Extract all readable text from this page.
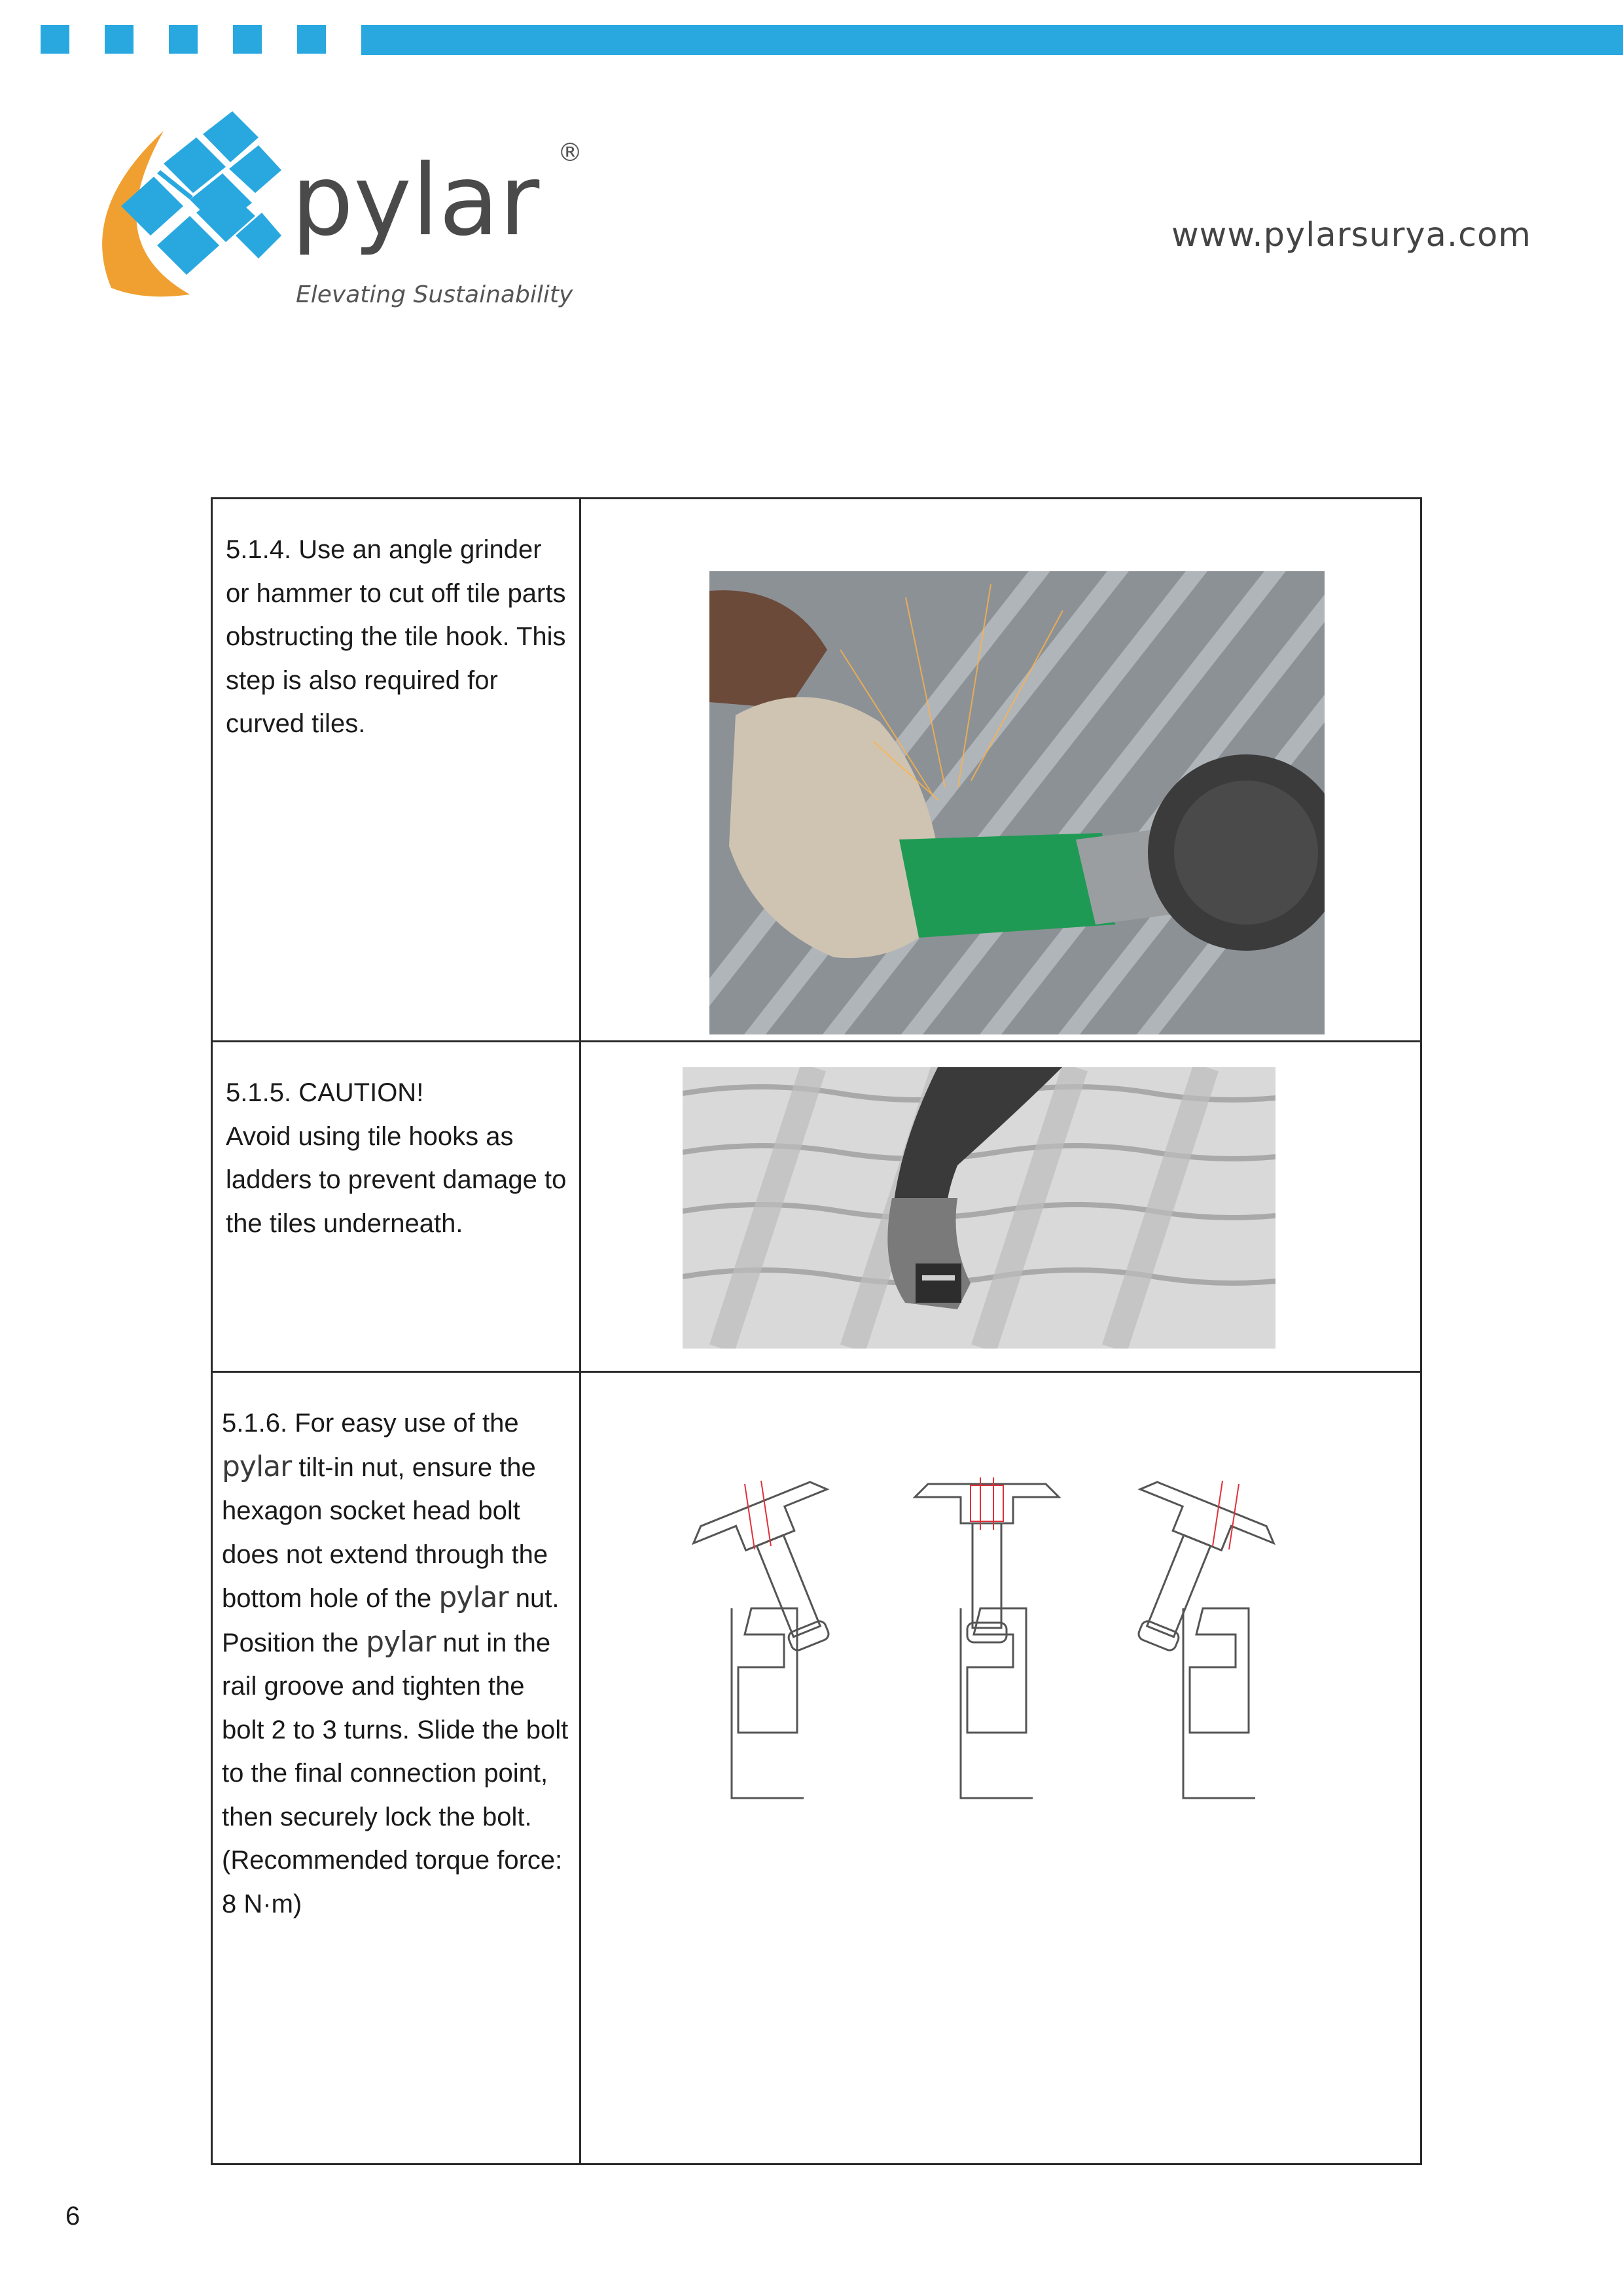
pylar ®
Elevating Sustainability
www.pylarsurya.com
5.1.4. Use an angle grinder or hammer to cut off tile parts obstructing the tile hook. This step is also required for curved tiles.	

5.1.5. CAUTION!
Avoid using tile hooks as ladders to prevent damage to the tiles underneath.	

5.1.6. For easy use of the pylar tilt-in nut, ensure the hexagon socket head bolt does not extend through the bottom hole of the pylar nut. Position the pylar nut in the rail groove and tighten the bolt 2 to 3 turns. Slide the bolt to the final connection point, then securely lock the bolt. (Recommended torque force: 8 N·m)	
6
